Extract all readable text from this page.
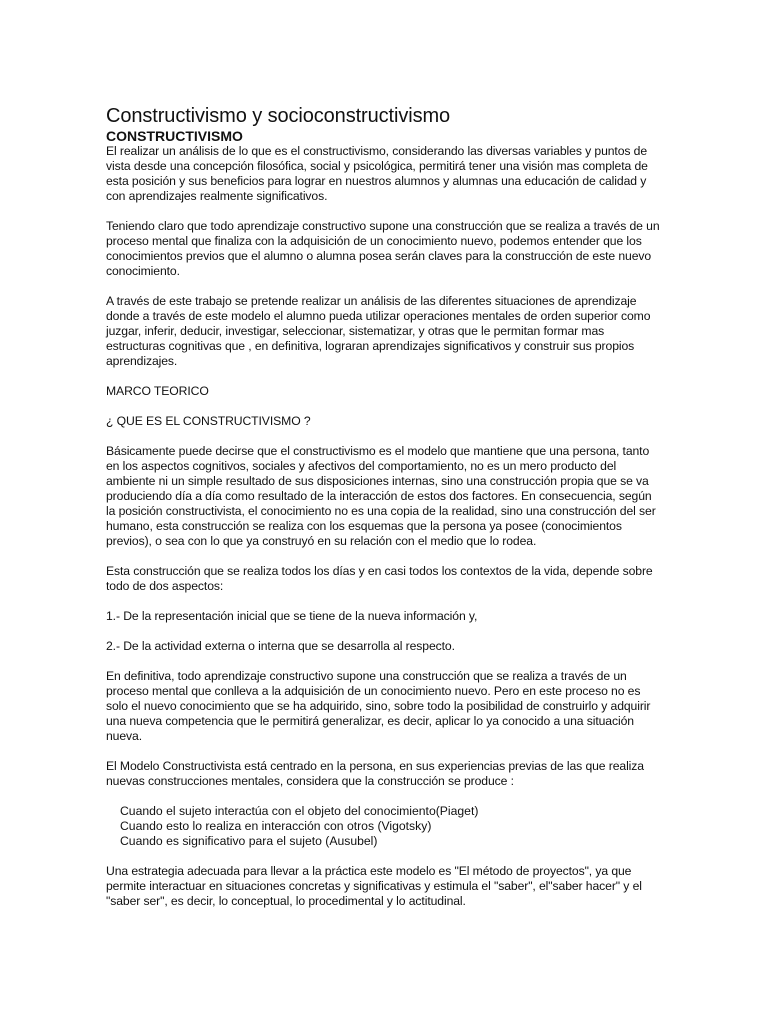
Constructivismo y socioconstructivismo
CONSTRUCTIVISMO

El realizar un análisis de lo que es el constructivismo, considerando las diversas variables y puntos de vista desde una concepción filosófica, social y psicológica, permitirá tener una visión mas completa de esta posición y sus beneficios para lograr en nuestros alumnos y alumnas una educación de calidad y con aprendizajes realmente significativos.

Teniendo claro que todo aprendizaje constructivo supone una construcción que se realiza a través de un proceso mental que finaliza con la adquisición de un conocimiento nuevo, podemos entender que los conocimientos previos que el alumno o alumna posea serán claves para la construcción de este nuevo conocimiento.

A través de este trabajo se pretende realizar un análisis de las diferentes situaciones de aprendizaje donde a través de este modelo el alumno pueda utilizar operaciones mentales de orden superior como juzgar, inferir, deducir, investigar, seleccionar, sistematizar, y otras que le permitan formar mas estructuras cognitivas que , en definitiva, lograran aprendizajes significativos y construir sus propios aprendizajes.

MARCO TEORICO

¿ QUE ES EL CONSTRUCTIVISMO ?

Básicamente puede decirse que el constructivismo es el modelo que mantiene que una persona, tanto en los aspectos cognitivos, sociales y afectivos del comportamiento, no es un mero producto del ambiente ni un simple resultado de sus disposiciones internas, sino una construcción propia que se va produciendo día a día como resultado de la interacción de estos dos factores. En consecuencia, según la posición constructivista, el conocimiento no es una copia de la realidad, sino una construcción del ser humano, esta construcción se realiza con los esquemas que la persona ya posee (conocimientos previos), o sea con lo que ya construyó en su relación con el medio que lo rodea.

Esta construcción que se realiza todos los días y en casi todos los contextos de la vida, depende sobre todo de dos aspectos:

1.- De la representación inicial que se tiene de la nueva información y,

2.- De la actividad externa o interna que se desarrolla al respecto.

En definitiva, todo aprendizaje constructivo supone una construcción que se realiza a través de un proceso mental que conlleva a la adquisición de un conocimiento nuevo. Pero en este proceso no es solo el nuevo conocimiento que se ha adquirido, sino, sobre todo la posibilidad de construirlo y adquirir una nueva competencia que le permitirá generalizar, es decir, aplicar lo ya conocido a una situación nueva.

El Modelo Constructivista está centrado en la persona, en sus experiencias previas de las que realiza nuevas construcciones mentales, considera que la construcción se produce :

Cuando el sujeto interactúa con el objeto del conocimiento(Piaget)
Cuando esto lo realiza en interacción con otros (Vigotsky)
Cuando es significativo para el sujeto (Ausubel)

Una estrategia adecuada para llevar a la práctica este modelo es "El método de proyectos", ya que permite interactuar en situaciones concretas y significativas y estimula el "saber", el"saber hacer" y el "saber ser", es decir, lo conceptual, lo procedimental y lo actitudinal.
